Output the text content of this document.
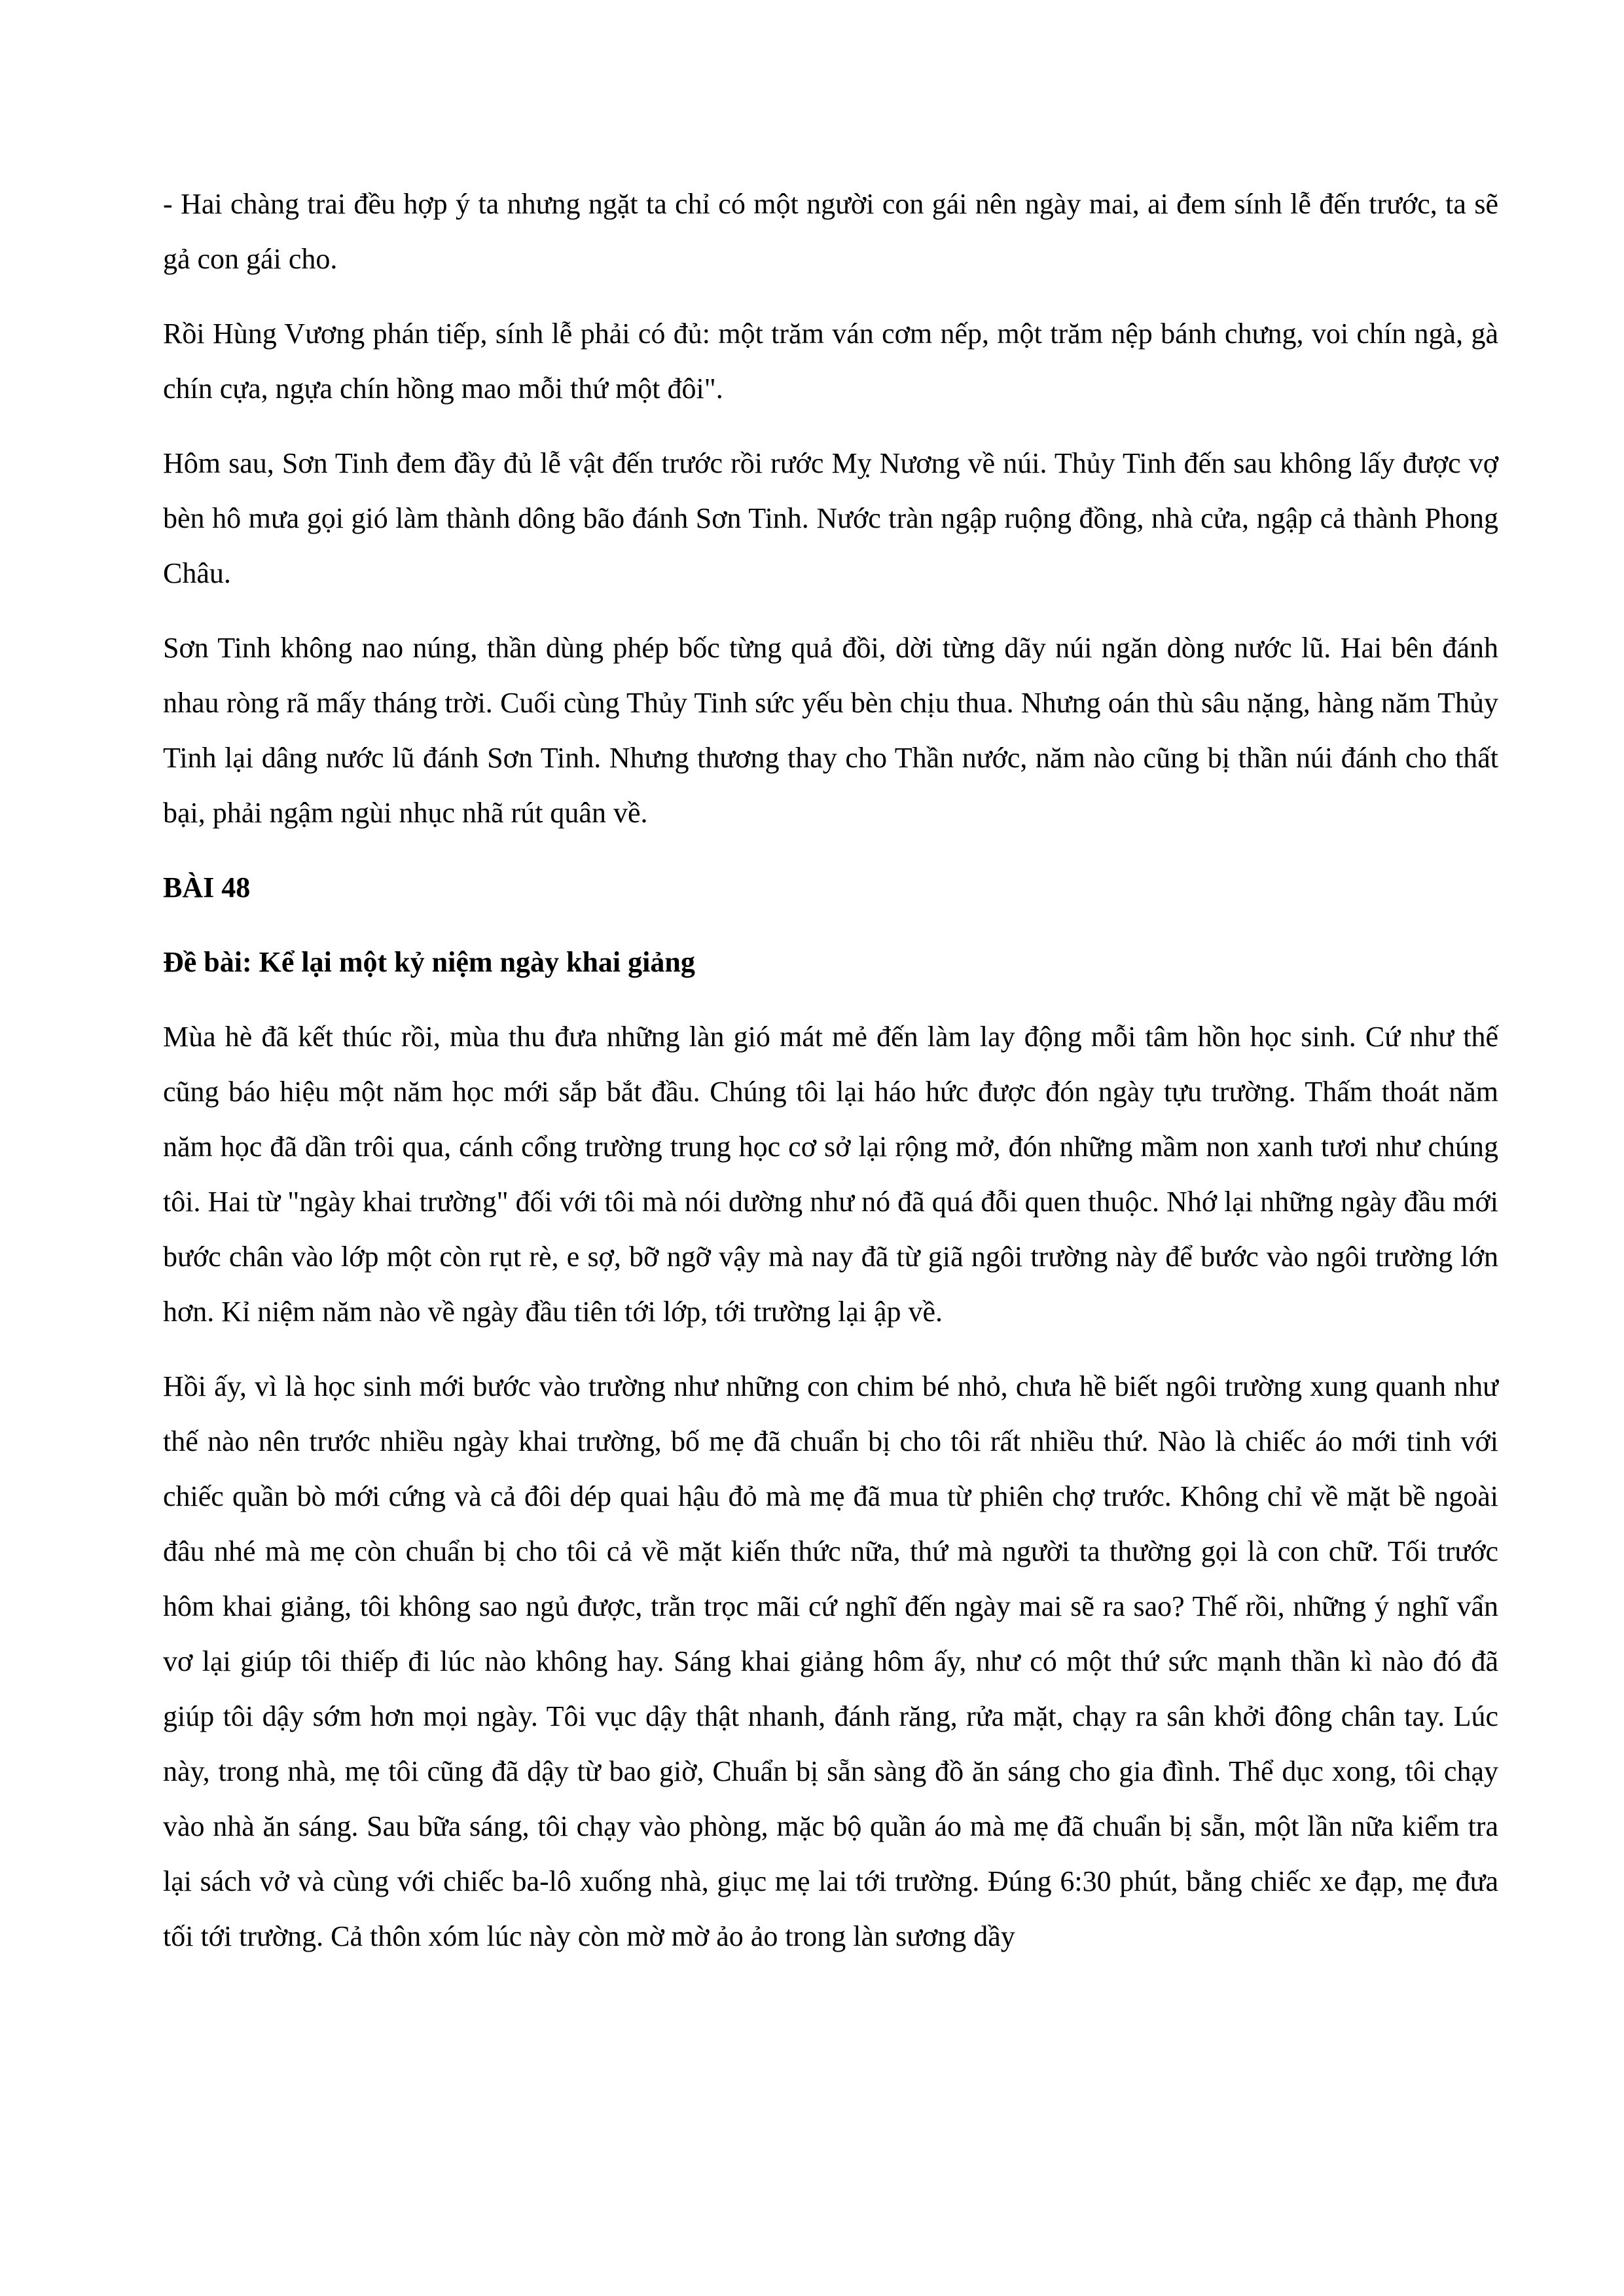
- Hai chàng trai đều hợp ý ta nhưng ngặt ta chỉ có một người con gái nên ngày mai, ai đem sính lễ đến trước, ta sẽ gả con gái cho.

Rồi Hùng Vương phán tiếp, sính lễ phải có đủ: một trăm ván cơm nếp, một trăm nệp bánh chưng, voi chín ngà, gà chín cựa, ngựa chín hồng mao mỗi thứ một đôi".

Hôm sau, Sơn Tinh đem đầy đủ lễ vật đến trước rồi rước Mỵ Nương về núi. Thủy Tinh đến sau không lấy được vợ bèn hô mưa gọi gió làm thành dông bão đánh Sơn Tinh. Nước tràn ngập ruộng đồng, nhà cửa, ngập cả thành Phong Châu.

Sơn Tinh không nao núng, thần dùng phép bốc từng quả đồi, dời từng dãy núi ngăn dòng nước lũ. Hai bên đánh nhau ròng rã mấy tháng trời. Cuối cùng Thủy Tinh sức yếu bèn chịu thua. Nhưng oán thù sâu nặng, hàng năm Thủy Tinh lại dâng nước lũ đánh Sơn Tinh. Nhưng thương thay cho Thần nước, năm nào cũng bị thần núi đánh cho thất bại, phải ngậm ngùi nhục nhã rút quân về.

BÀI 48

Đề bài: Kể lại một kỷ niệm ngày khai giảng

Mùa hè đã kết thúc rồi, mùa thu đưa những làn gió mát mẻ đến làm lay động mỗi tâm hồn học sinh. Cứ như thế cũng báo hiệu một năm học mới sắp bắt đầu. Chúng tôi lại háo hức được đón ngày tựu trường. Thấm thoát năm năm học đã dần trôi qua, cánh cổng trường trung học cơ sở lại rộng mở, đón những mầm non xanh tươi như chúng tôi. Hai từ "ngày khai trường" đối với tôi mà nói dường như nó đã quá đỗi quen thuộc. Nhớ lại những ngày đầu mới bước chân vào lớp một còn rụt rè, e sợ, bỡ ngỡ vậy mà nay đã từ giã ngôi trường này để bước vào ngôi trường lớn hơn. Kỉ niệm năm nào về ngày đầu tiên tới lớp, tới trường lại ập về.

Hồi ấy, vì là học sinh mới bước vào trường như những con chim bé nhỏ, chưa hề biết ngôi trường xung quanh như thế nào nên trước nhiều ngày khai trường, bố mẹ đã chuẩn bị cho tôi rất nhiều thứ. Nào là chiếc áo mới tinh với chiếc quần bò mới cứng và cả đôi dép quai hậu đỏ mà mẹ đã mua từ phiên chợ trước. Không chỉ về mặt bề ngoài đâu nhé mà mẹ còn chuẩn bị cho tôi cả về mặt kiến thức nữa, thứ mà người ta thường gọi là con chữ. Tối trước hôm khai giảng, tôi không sao ngủ được, trằn trọc mãi cứ nghĩ đến ngày mai sẽ ra sao? Thế rồi, những ý nghĩ vẩn vơ lại giúp tôi thiếp đi lúc nào không hay. Sáng khai giảng hôm ấy, như có một thứ sức mạnh thần kì nào đó đã giúp tôi dậy sớm hơn mọi ngày. Tôi vục dậy thật nhanh, đánh răng, rửa mặt, chạy ra sân khởi đông chân tay. Lúc này, trong nhà, mẹ tôi cũng đã dậy từ bao giờ, Chuẩn bị sẵn sàng đồ ăn sáng cho gia đình. Thể dục xong, tôi chạy vào nhà ăn sáng. Sau bữa sáng, tôi chạy vào phòng, mặc bộ quần áo mà mẹ đã chuẩn bị sẵn, một lần nữa kiểm tra lại sách vở và cùng với chiếc ba-lô xuống nhà, giục mẹ lai tới trường. Đúng 6:30 phút, bằng chiếc xe đạp, mẹ đưa tối tới trường. Cả thôn xóm lúc này còn mờ mờ ảo ảo trong làn sương dầy
